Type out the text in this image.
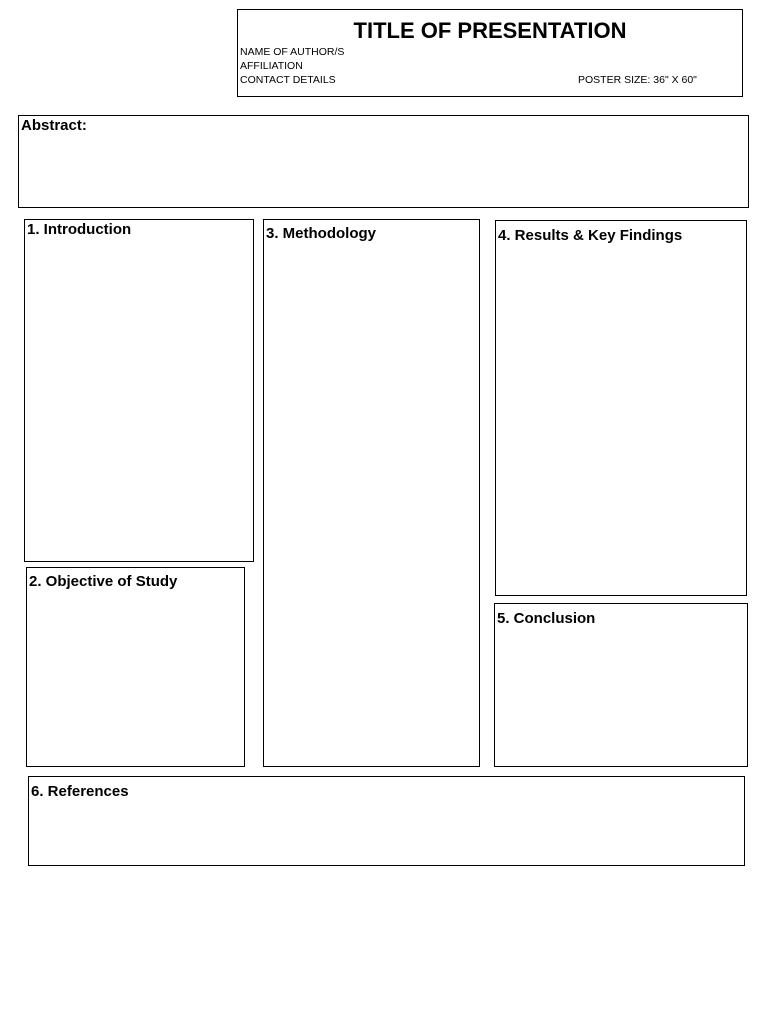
TITLE OF PRESENTATION
NAME OF AUTHOR/S
AFFILIATION
CONTACT DETAILS	POSTER SIZE: 36" X 60"
Abstract:
1. Introduction
2. Objective of Study
3. Methodology	4. Results & Key Findings
5. Conclusion
6. References
